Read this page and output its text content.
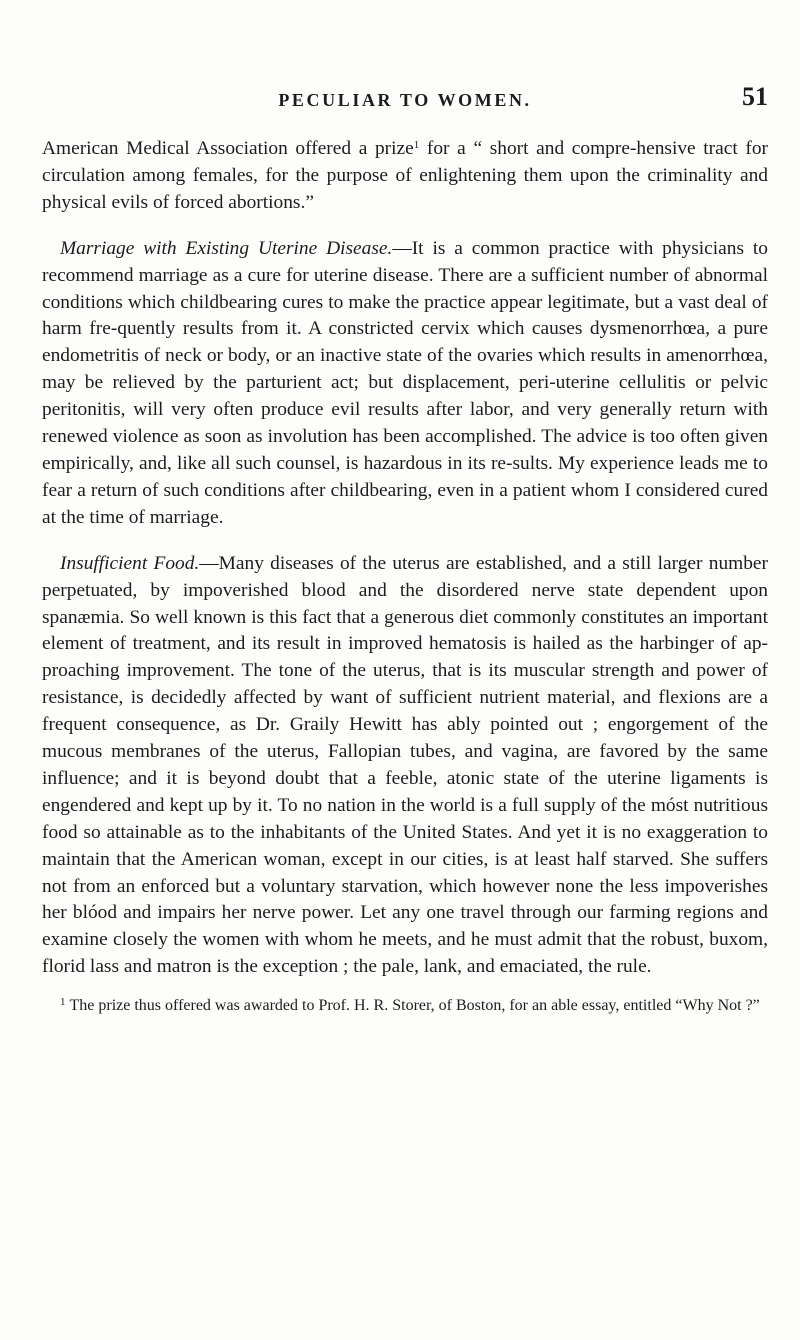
PECULIAR TO WOMEN.	51

American Medical Association offered a prize$^1$ for a “ short and compre-hensive tract for circulation among females, for the purpose of enlightening them upon the criminality and physical evils of forced abortions.”

Marriage with Existing Uterine Disease.—It is a common practice with physicians to recommend marriage as a cure for uterine disease. There are a sufficient number of abnormal conditions which childbearing cures to make the practice appear legitimate, but a vast deal of harm fre-quently results from it. A constricted cervix which causes dysmenorrhœa, a pure endometritis of neck or body, or an inactive state of the ovaries which results in amenorrhœa, may be relieved by the parturient act; but displacement, peri-uterine cellulitis or pelvic peritonitis, will very often produce evil results after labor, and very generally return with renewed violence as soon as involution has been accomplished. The advice is too often given empirically, and, like all such counsel, is hazardous in its re-sults. My experience leads me to fear a return of such conditions after childbearing, even in a patient whom I considered cured at the time of marriage.

Insufficient Food.—Many diseases of the uterus are established, and a still larger number perpetuated, by impoverished blood and the disordered nerve state dependent upon spanæmia. So well known is this fact that a generous diet commonly constitutes an important element of treatment, and its result in improved hematosis is hailed as the harbinger of ap-proaching improvement. The tone of the uterus, that is its muscular strength and power of resistance, is decidedly affected by want of sufficient nutrient material, and flexions are a frequent consequence, as Dr. Graily Hewitt has ably pointed out ; engorgement of the mucous membranes of the uterus, Fallopian tubes, and vagina, are favored by the same influence; and it is beyond doubt that a feeble, atonic state of the uterine ligaments is engendered and kept up by it. To no nation in the world is a full supply of the móst nutritious food so attainable as to the inhabitants of the United States. And yet it is no exaggeration to maintain that the American woman, except in our cities, is at least half starved. She suffers not from an enforced but a voluntary starvation, which however none the less impoverishes her blóod and impairs her nerve power. Let any one travel through our farming regions and examine closely the women with whom he meets, and he must admit that the robust, buxom, florid lass and matron is the exception ; the pale, lank, and emaciated, the rule.

$^1$ The prize thus offered was awarded to Prof. H. R. Storer, of Boston, for an able essay, entitled “Why Not ?”
